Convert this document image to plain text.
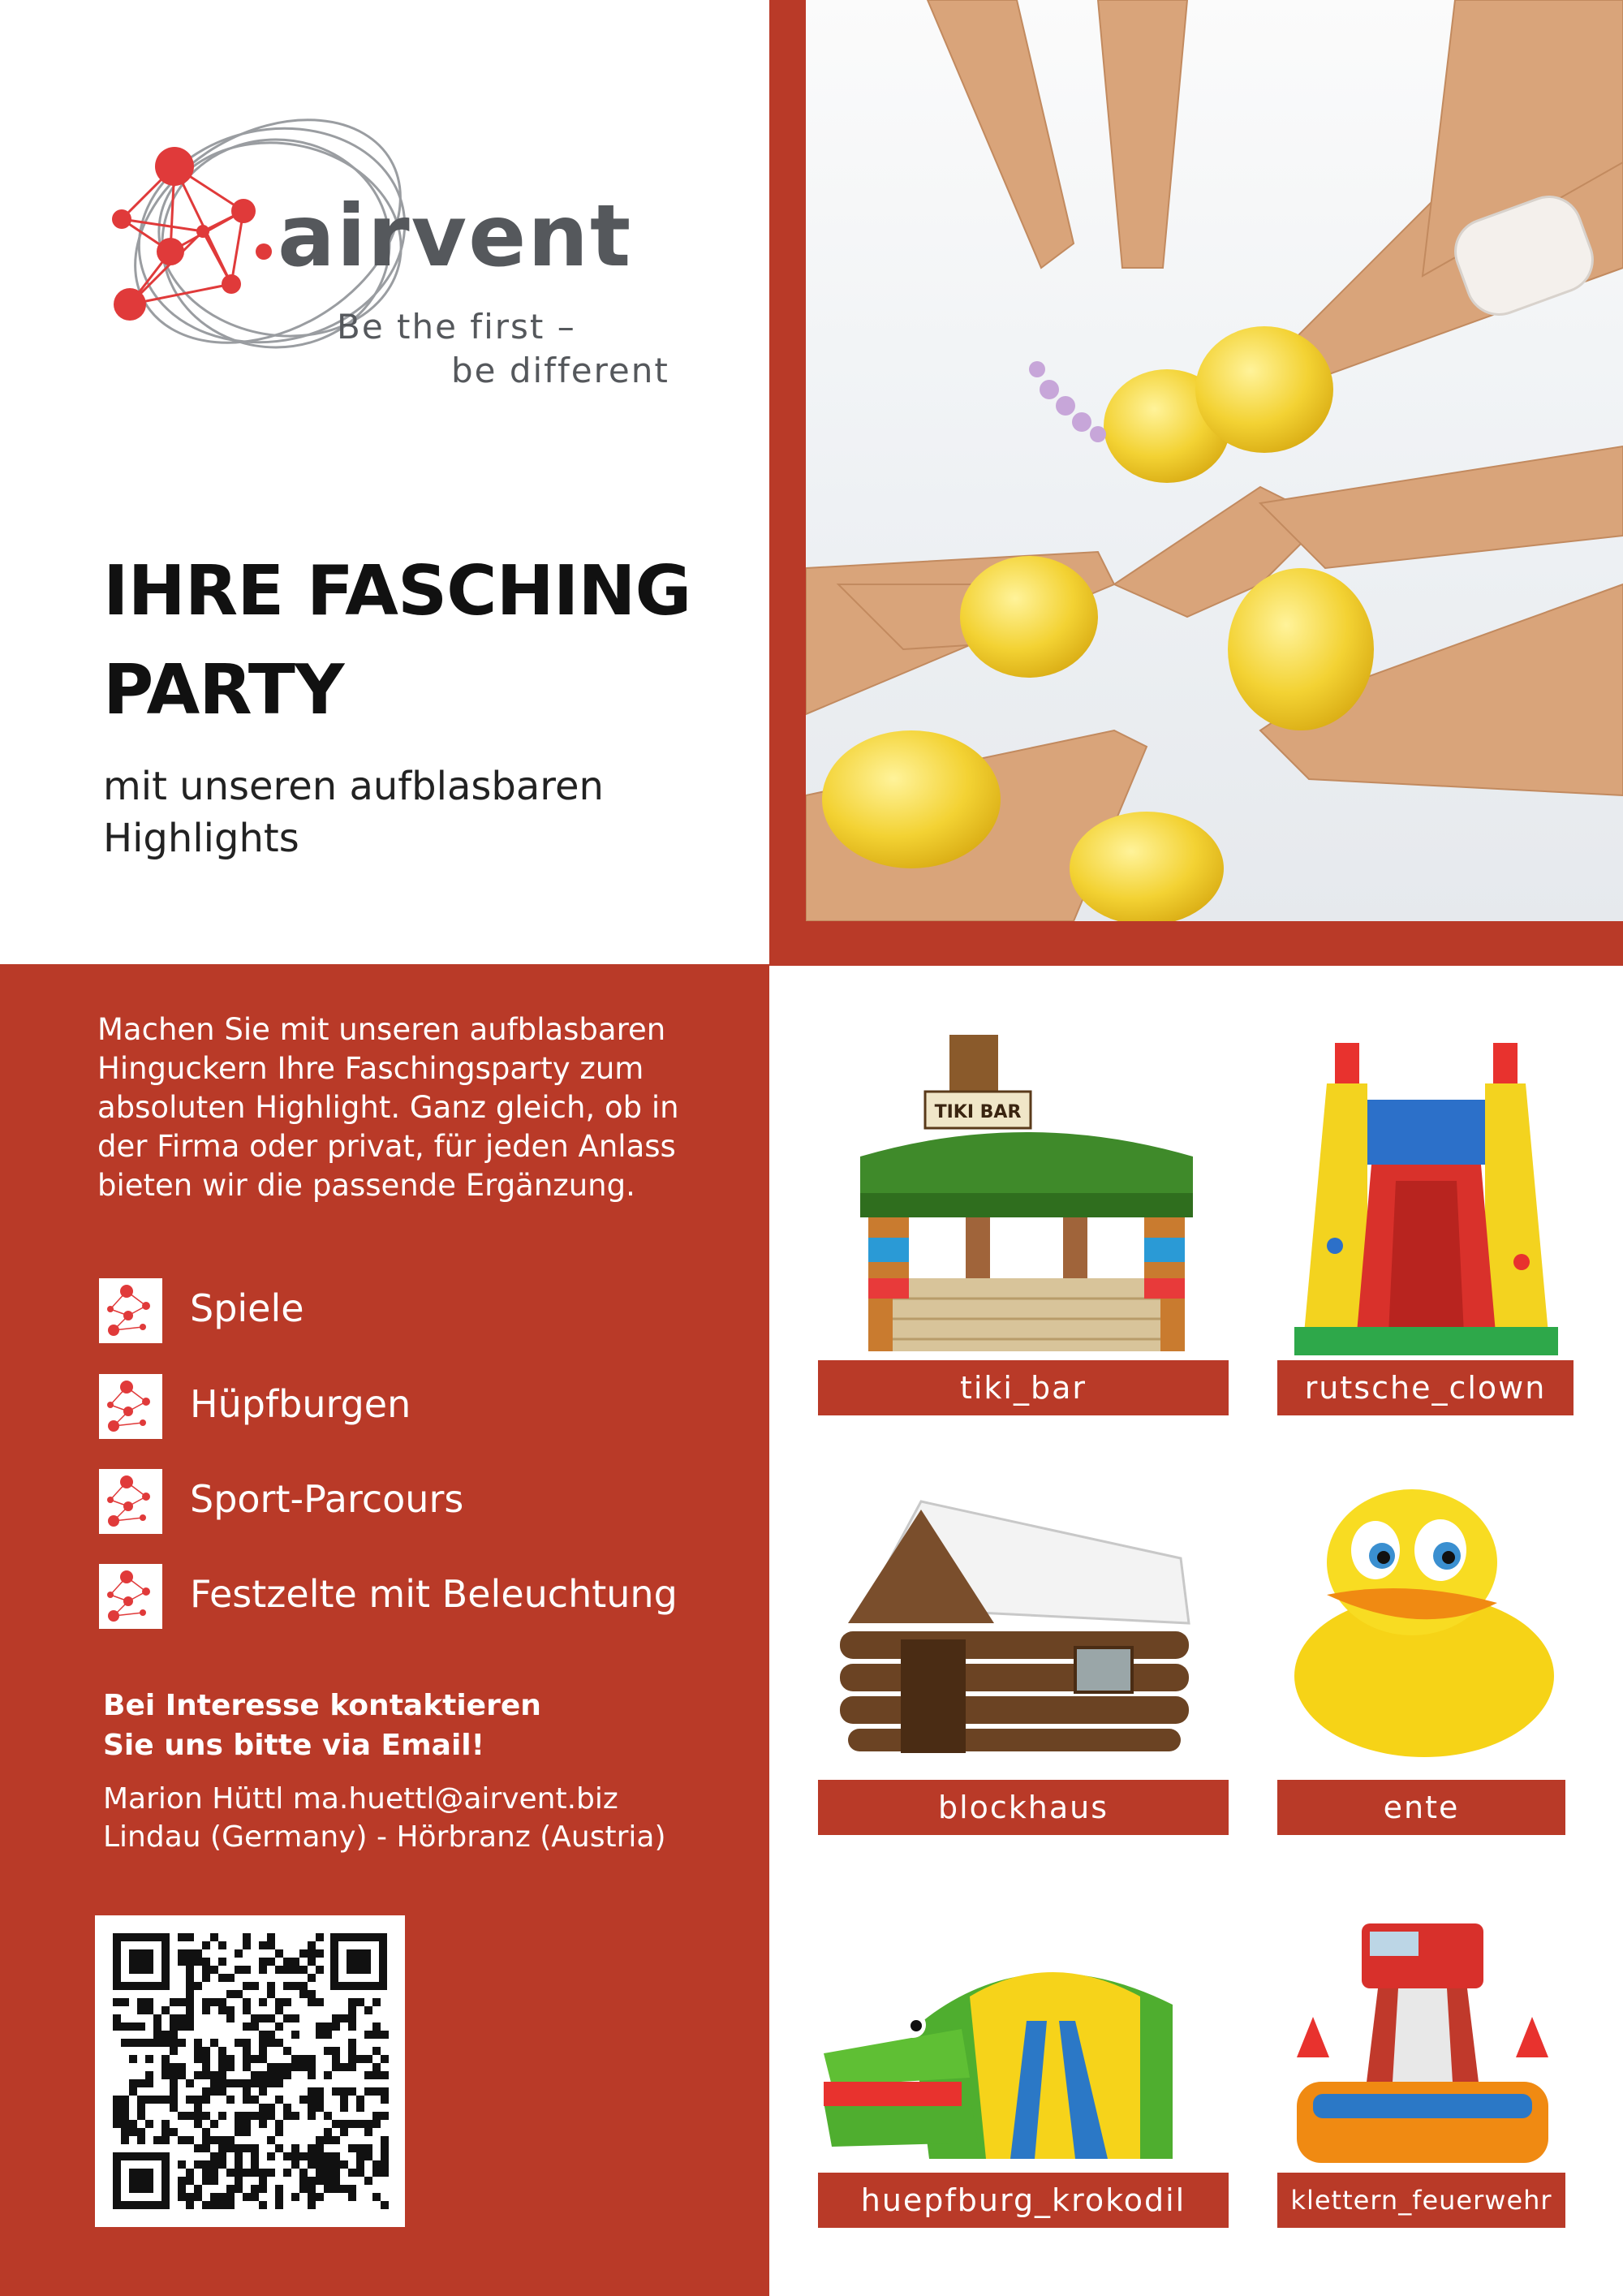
airvent
Be the first –
be different
IHRE FASCHING
PARTY
mit unseren aufblasbaren
Highlights
Machen Sie mit unseren aufblasbaren
Hinguckern Ihre Faschingsparty zum
absoluten Highlight. Ganz gleich, ob in
der Firma oder privat, für jeden Anlass
bieten wir die passende Ergänzung.
Spiele
Hüpfburgen
Sport-Parcours
Festzelte mit Beleuchtung
Bei Interesse kontaktieren
Sie uns bitte via Email!
Marion Hüttl ma.huettl@airvent.biz
Lindau (Germany) - Hörbranz (Austria)
TIKI BAR
tiki_bar	rutsche_clown
blockhaus	ente
huepfburg_krokodil	klettern_feuerwehr
